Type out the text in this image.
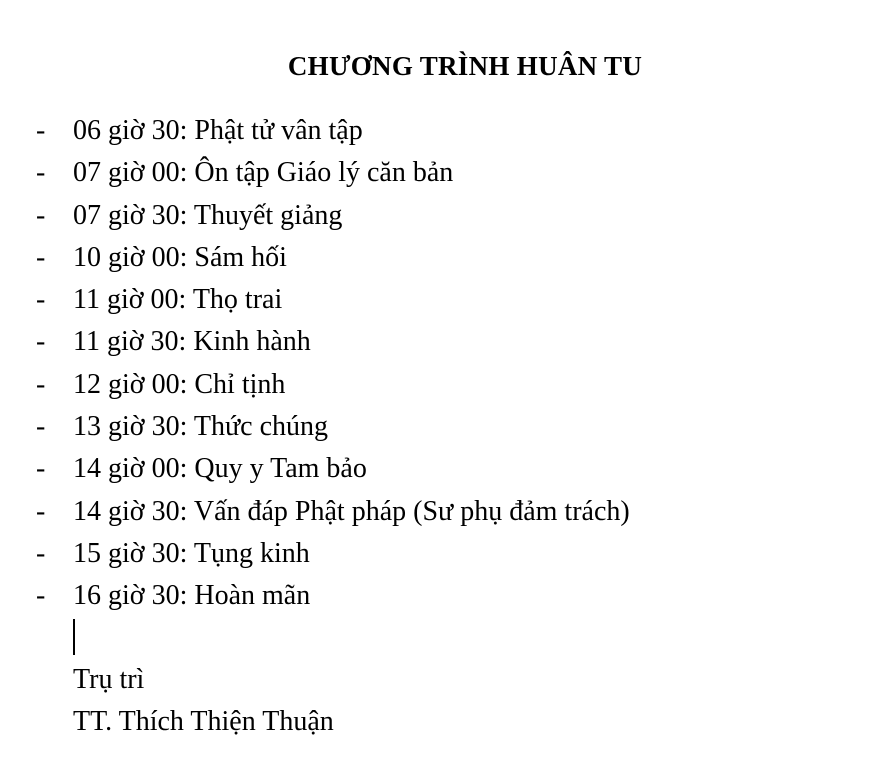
CHƯƠNG TRÌNH HUÂN TU
- 06 giờ 30: Phật tử vân tập
- 07 giờ 00: Ôn tập Giáo lý căn bản
- 07 giờ 30: Thuyết giảng
- 10 giờ 00: Sám hối
- 11 giờ 00: Thọ trai
- 11 giờ 30: Kinh hành
- 12 giờ 00: Chỉ tịnh
- 13 giờ 30: Thức chúng
- 14 giờ 00: Quy y Tam bảo
- 14 giờ 30: Vấn đáp Phật pháp (Sư phụ đảm trách)
- 15 giờ 30: Tụng kinh
- 16 giờ 30: Hoàn mãn
Trụ trì
TT. Thích Thiện Thuận
